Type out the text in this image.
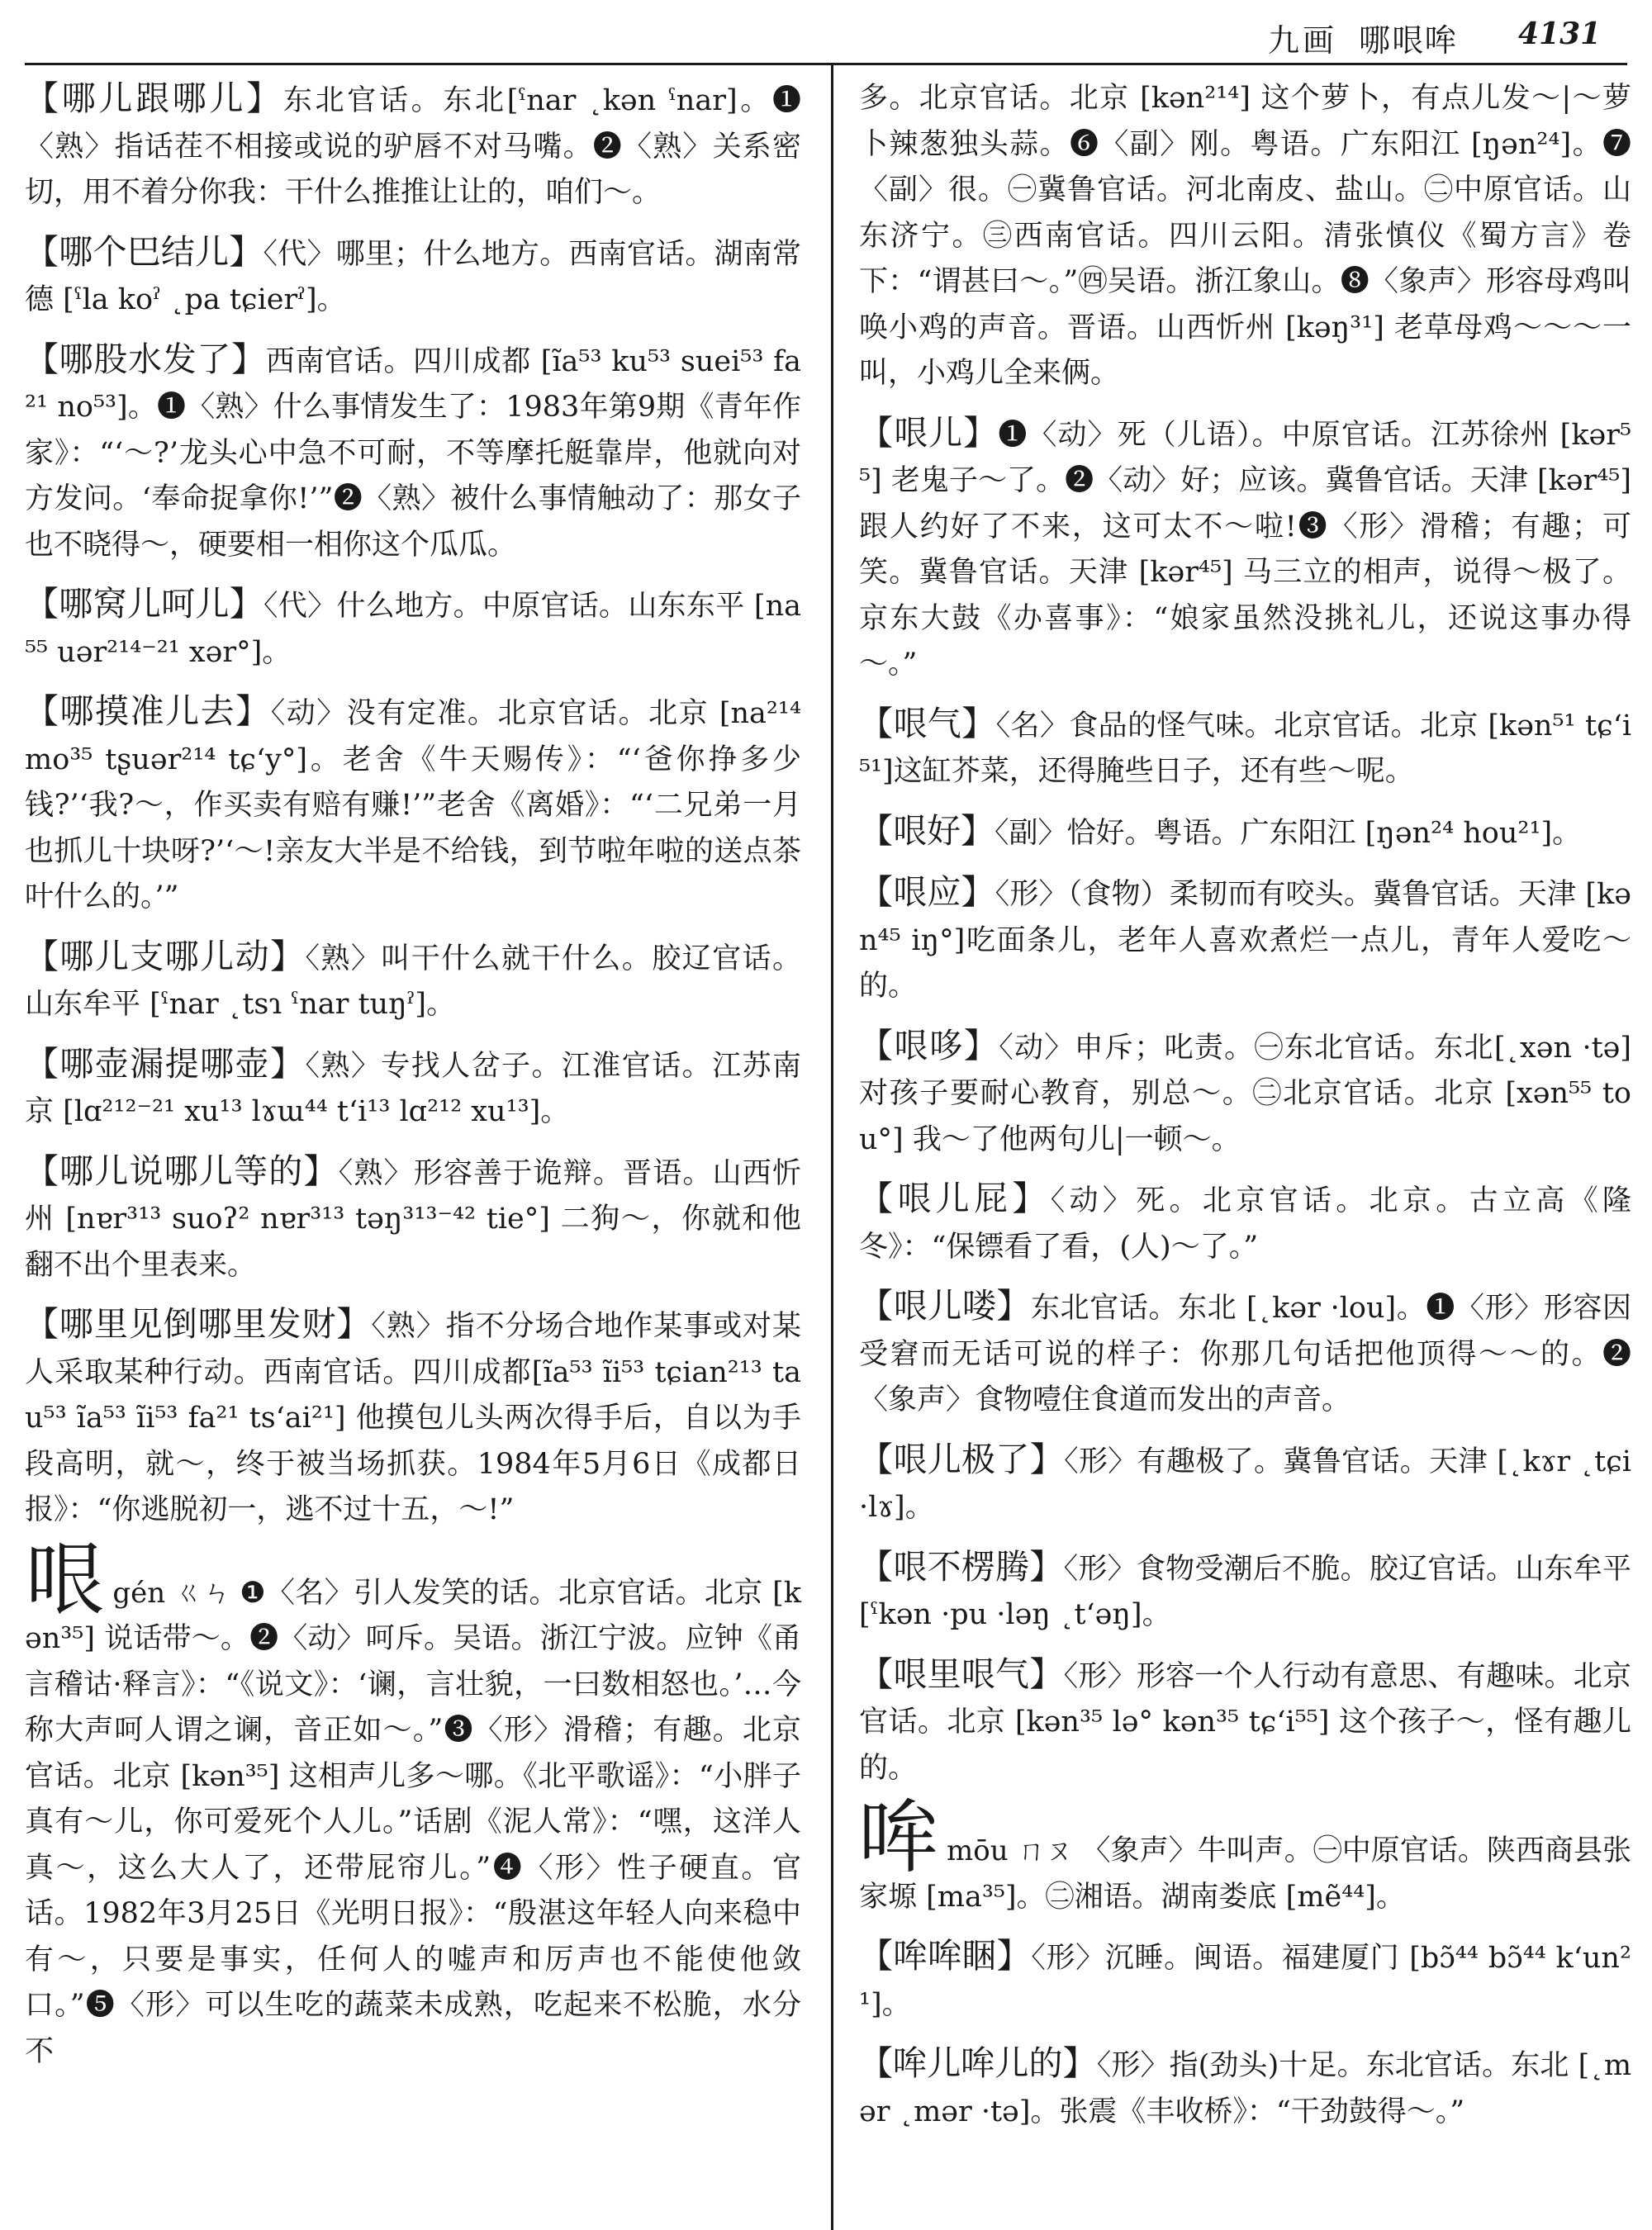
九画 哪哏哞 4131
【哪儿跟哪儿】东北官话。东北[ˁnar ˛kən ˁnar]。❶〈熟〉指话茬不相接或说的驴唇不对马嘴。❷〈熟〉关系密切，用不着分你我：干什么推推让让的，咱们～。
【哪个巴结儿】〈代〉哪里；什么地方。西南官话。湖南常德 [ˁla koˀ ˛pa tɕierˀ]。
【哪股水发了】西南官话。四川成都 [ĩa⁵³ ku⁵³ suei⁵³ fa²¹ no⁵³]。❶〈熟〉什么事情发生了：1983年第9期《青年作家》：“‘～?’龙头心中急不可耐，不等摩托艇靠岸，他就向对方发问。‘奉命捉拿你!’”❷〈熟〉被什么事情触动了：那女子也不晓得～，硬要相一相你这个瓜瓜。
【哪窝儿呵儿】〈代〉什么地方。中原官话。山东东平 [na⁵⁵ uər²¹⁴⁻²¹ xər°]。
【哪摸准儿去】〈动〉没有定准。北京官话。北京 [na²¹⁴ mo³⁵ tʂuər²¹⁴ tɕʻy°]。老舍《牛天赐传》：“‘爸你挣多少钱?’‘我?～，作买卖有赔有赚!’”老舍《离婚》：“‘二兄弟一月也抓儿十块呀?’‘～!亲友大半是不给钱，到节啦年啦的送点茶叶什么的。’”
【哪儿支哪儿动】〈熟〉叫干什么就干什么。胶辽官话。山东牟平 [ˁnar ˛tsɿ ˁnar tuŋˀ]。
【哪壶漏提哪壶】〈熟〉专找人岔子。江淮官话。江苏南京 [lɑ²¹²⁻²¹ xu¹³ lɤɯ⁴⁴ tʻi¹³ lɑ²¹² xu¹³]。
【哪儿说哪儿等的】〈熟〉形容善于诡辩。晋语。山西忻州 [nɐr³¹³ suoʔ² nɐr³¹³ təŋ³¹³⁻⁴² tie°] 二狗～，你就和他翻不出个里表来。
【哪里见倒哪里发财】〈熟〉指不分场合地作某事或对某人采取某种行动。西南官话。四川成都[ĩa⁵³ ĩi⁵³ tɕian²¹³ tau⁵³ ĩa⁵³ ĩi⁵³ fa²¹ tsʻai²¹] 他摸包儿头两次得手后，自以为手段高明，就～，终于被当场抓获。1984年5月6日《成都日报》：“你逃脱初一，逃不过十五，～!”
哏gén ㄍㄣ ❶〈名〉引人发笑的话。北京官话。北京 [kən³⁵] 说话带～。❷〈动〉呵斥。吴语。浙江宁波。应钟《甬言稽诂·释言》：“《说文》：‘谰，言壮貌，一曰数相怒也。’…今称大声呵人谓之谰，音正如～。”❸〈形〉滑稽；有趣。北京官话。北京 [kən³⁵] 这相声儿多～哪。《北平歌谣》：“小胖子真有～儿，你可爱死个人儿。”话剧《泥人常》：“嘿，这洋人真～，这么大人了，还带屁帘儿。”❹〈形〉性子硬直。官话。1982年3月25日《光明日报》：“殷湛这年轻人向来稳中有～，只要是事实，任何人的嘘声和厉声也不能使他敛口。”❺〈形〉可以生吃的蔬菜未成熟，吃起来不松脆，水分不
多。北京官话。北京 [kən²¹⁴] 这个萝卜，有点儿发～|～萝卜辣葱独头蒜。❻〈副〉刚。粤语。广东阳江 [ŋən²⁴]。❼〈副〉很。㊀冀鲁官话。河北南皮、盐山。㊁中原官话。山东济宁。㊂西南官话。四川云阳。清张慎仪《蜀方言》卷下：“谓甚曰～。”㊃吴语。浙江象山。❽〈象声〉形容母鸡叫唤小鸡的声音。晋语。山西忻州 [kəŋ³¹] 老草母鸡～～～一叫，小鸡儿全来俩。
【哏儿】❶〈动〉死（儿语）。中原官话。江苏徐州 [kər⁵⁵] 老鬼子～了。❷〈动〉好；应该。冀鲁官话。天津 [kər⁴⁵] 跟人约好了不来，这可太不～啦!❸〈形〉滑稽；有趣；可笑。冀鲁官话。天津 [kər⁴⁵] 马三立的相声，说得～极了。京东大鼓《办喜事》：“娘家虽然没挑礼儿，还说这事办得～。”
【哏气】〈名〉食品的怪气味。北京官话。北京 [kən⁵¹ tɕʻi⁵¹]这缸芥菜，还得腌些日子，还有些～呢。
【哏好】〈副〉恰好。粤语。广东阳江 [ŋən²⁴ hou²¹]。
【哏应】〈形〉（食物）柔韧而有咬头。冀鲁官话。天津 [kən⁴⁵ iŋ°]吃面条儿，老年人喜欢煮烂一点儿，青年人爱吃～的。
【哏哆】〈动〉申斥；叱责。㊀东北官话。东北[˛xən ·tə]对孩子要耐心教育，别总～。㊁北京官话。北京 [xən⁵⁵ tou°] 我～了他两句儿|一顿～。
【哏儿屁】〈动〉死。北京官话。北京。古立高《隆冬》：“保镖看了看，(人)～了。”
【哏儿喽】东北官话。东北 [˛kər ·lou]。❶〈形〉形容因受窘而无话可说的样子：你那几句话把他顶得～～的。❷〈象声〉食物噎住食道而发出的声音。
【哏儿极了】〈形〉有趣极了。冀鲁官话。天津 [˛kɤr ˛tɕi ·lɤ]。
【哏不楞腾】〈形〉食物受潮后不脆。胶辽官话。山东牟平 [ˁkən ·pu ·ləŋ ˛tʻəŋ]。
【哏里哏气】〈形〉形容一个人行动有意思、有趣味。北京官话。北京 [kən³⁵ lə° kən³⁵ tɕʻi⁵⁵] 这个孩子～，怪有趣儿的。
哞mōu ㄇㄡ 〈象声〉牛叫声。㊀中原官话。陕西商县张家塬 [ma³⁵]。㊁湘语。湖南娄底 [mẽ⁴⁴]。
【哞哞睏】〈形〉沉睡。闽语。福建厦门 [bɔ̃⁴⁴ bɔ̃⁴⁴ kʻun²¹]。
【哞儿哞儿的】〈形〉指(劲头)十足。东北官话。东北 [˛mər ˛mər ·tə]。张震《丰收桥》：“干劲鼓得～。”
